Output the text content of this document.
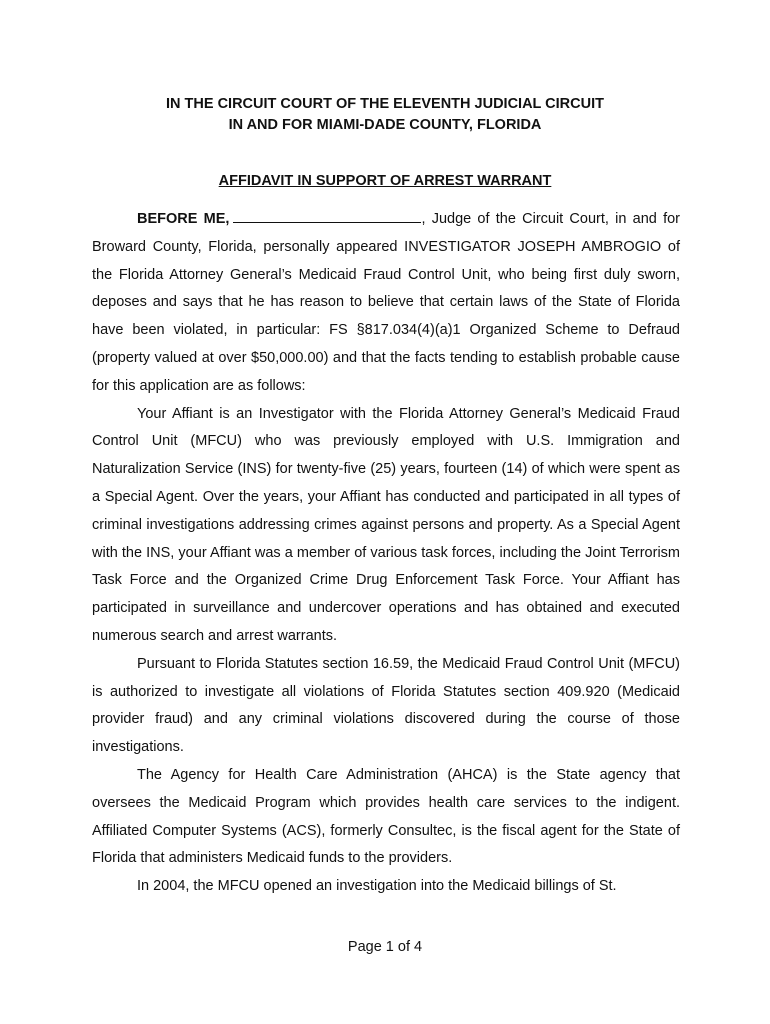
IN THE CIRCUIT COURT OF THE ELEVENTH JUDICIAL CIRCUIT
IN AND FOR MIAMI-DADE COUNTY, FLORIDA
AFFIDAVIT IN SUPPORT OF ARREST WARRANT

BEFORE ME,	, Judge of the Circuit Court, in and for Broward County, Florida, personally appeared INVESTIGATOR JOSEPH AMBROGIO of the Florida Attorney General’s Medicaid Fraud Control Unit, who being first duly sworn, deposes and says that he has reason to believe that certain laws of the State of Florida have been violated, in particular: FS §817.034(4)(a)1 Organized Scheme to Defraud (property valued at over $50,000.00) and that the facts tending to establish probable cause for this application are as follows:

Your Affiant is an Investigator with the Florida Attorney General’s Medicaid Fraud Control Unit (MFCU) who was previously employed with U.S. Immigration and Naturalization Service (INS) for twenty-five (25) years, fourteen (14) of which were spent as a Special Agent. Over the years, your Affiant has conducted and participated in all types of criminal investigations addressing crimes against persons and property. As a Special Agent with the INS, your Affiant was a member of various task forces, including the Joint Terrorism Task Force and the Organized Crime Drug Enforcement Task Force. Your Affiant has participated in surveillance and undercover operations and has obtained and executed numerous search and arrest warrants.

Pursuant to Florida Statutes section 16.59, the Medicaid Fraud Control Unit (MFCU) is authorized to investigate all violations of Florida Statutes section 409.920 (Medicaid provider fraud) and any criminal violations discovered during the course of those investigations.

The Agency for Health Care Administration (AHCA) is the State agency that oversees the Medicaid Program which provides health care services to the indigent. Affiliated Computer Systems (ACS), formerly Consultec, is the fiscal agent for the State of Florida that administers Medicaid funds to the providers.

In 2004, the MFCU opened an investigation into the Medicaid billings of St.

Page 1 of 4
